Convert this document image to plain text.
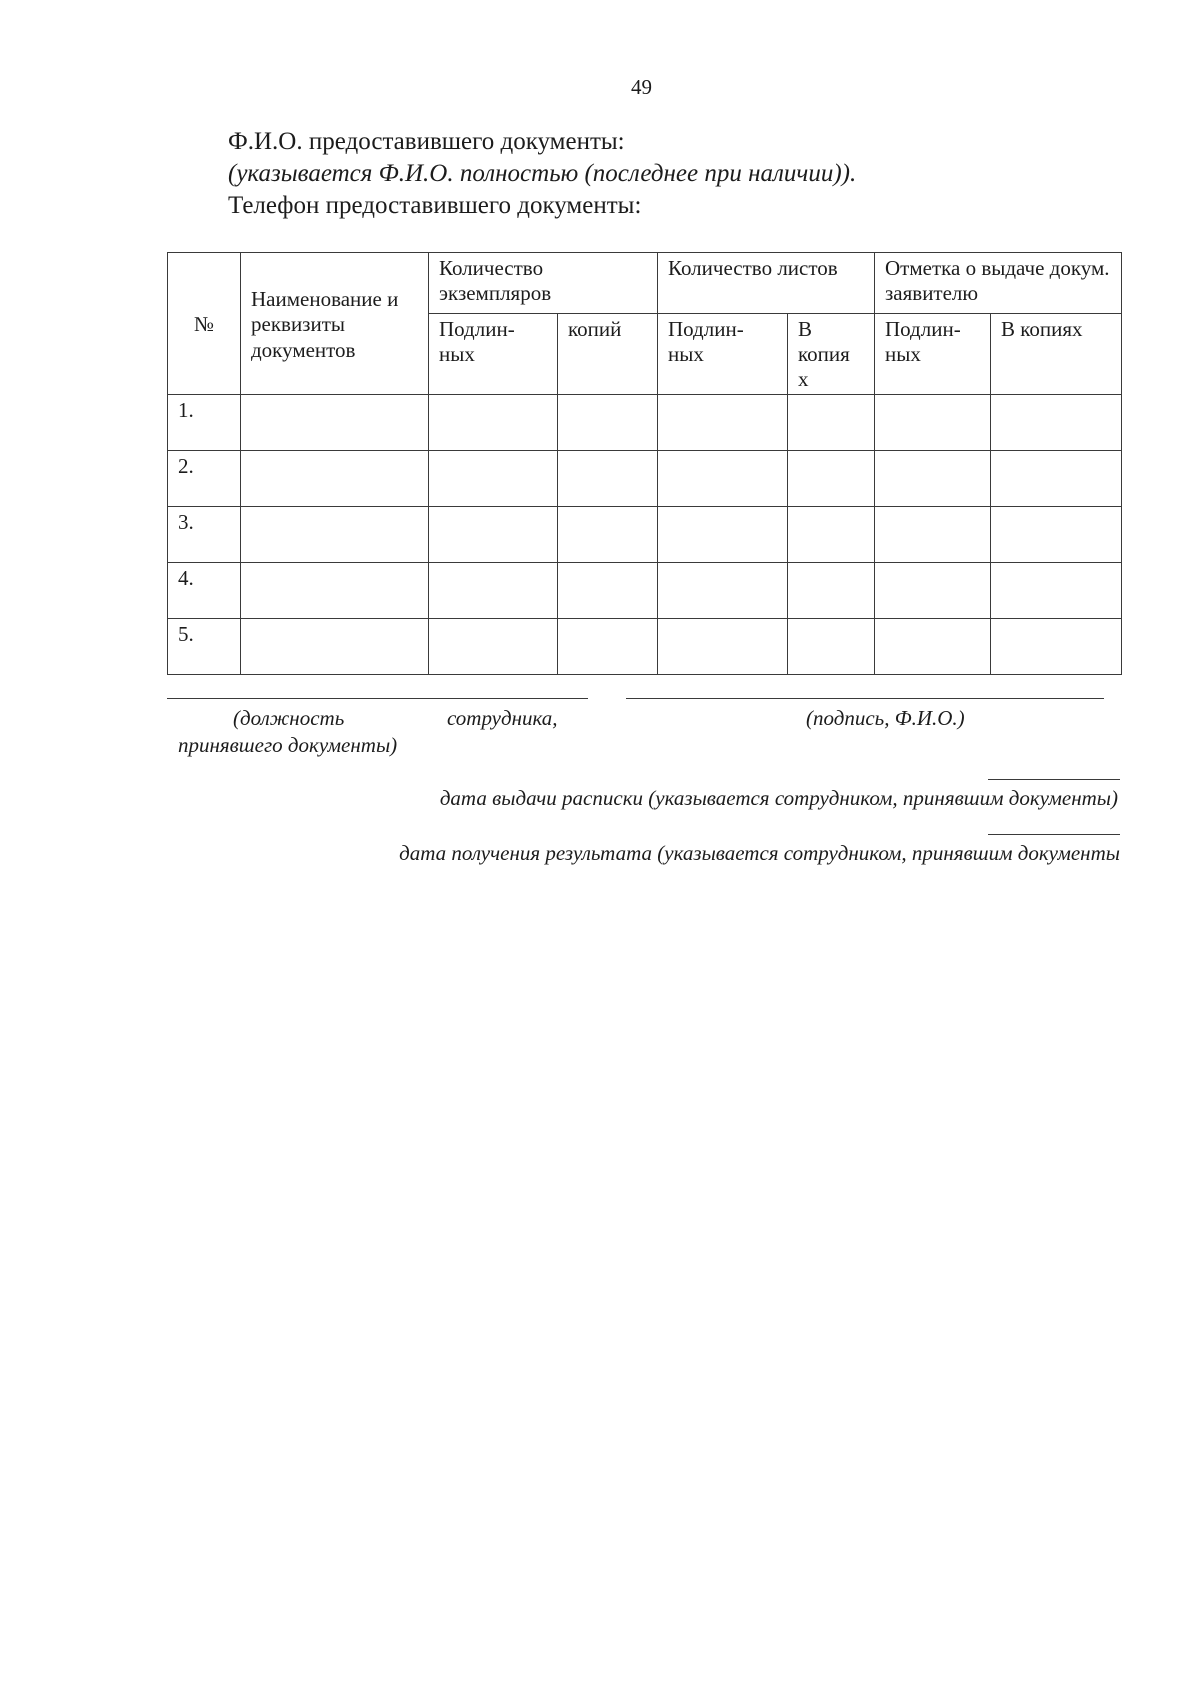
49
Ф.И.О. предоставившего документы:
(указывается Ф.И.О. полностью (последнее при наличии)).
Телефон предоставившего документы:
№	Наименование и реквизиты документов	Количество экземпляров		Количество листов		Отметка о выдаче докум. заявителю	

		Подлин-ных	копий	Подлин-ных	В копия х	Подлин-ных	В копиях
1.							
2.							
3.							
4.							
5.							
(должность	сотрудника,
принявшего документы)
(подпись, Ф.И.О.)
дата выдачи расписки (указывается сотрудником, принявшим документы)
дата получения результата (указывается сотрудником, принявшим документы
